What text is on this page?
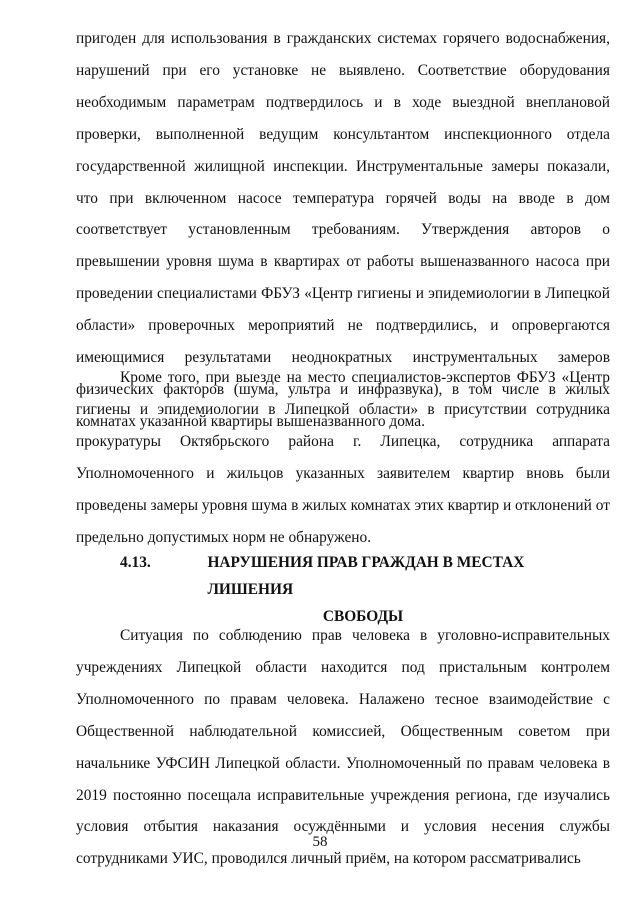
пригоден для использования в гражданских системах горячего водоснабжения, нарушений при его установке не выявлено. Соответствие оборудования необходимым параметрам подтвердилось и в ходе выездной внеплановой проверки, выполненной ведущим консультантом инспекционного отдела государственной жилищной инспекции. Инструментальные замеры показали, что при включенном насосе температура горячей воды на вводе в дом соответствует установленным требованиям. Утверждения авторов о превышении уровня шума в квартирах от работы вышеназванного насоса при проведении специалистами ФБУЗ «Центр гигиены и эпидемиологии в Липецкой области» проверочных мероприятий не подтвердились, и опровергаются имеющимися результатами неоднократных инструментальных замеров физических факторов (шума, ультра и инфразвука), в том числе в жилых комнатах указанной квартиры вышеназванного дома.

Кроме того, при выезде на место специалистов-экспертов ФБУЗ «Центр гигиены и эпидемиологии в Липецкой области» в присутствии сотрудника прокуратуры Октябрьского района г. Липецка, сотрудника аппарата Уполномоченного и жильцов указанных заявителем квартир вновь были проведены замеры уровня шума в жилых комнатах этих квартир и отклонений от предельно допустимых норм не обнаружено.

4.13.	НАРУШЕНИЯ ПРАВ ГРАЖДАН В МЕСТАХ ЛИШЕНИЯ
СВОБОДЫ

Ситуация по соблюдению прав человека в уголовно-исправительных учреждениях Липецкой области находится под пристальным контролем Уполномоченного по правам человека. Налажено тесное взаимодействие с Общественной наблюдательной комиссией, Общественным советом при начальнике УФСИН Липецкой области. Уполномоченный по правам человека в 2019 постоянно посещала исправительные учреждения региона, где изучались условия отбытия наказания осуждёнными и условия несения службы сотрудниками УИС, проводился личный приём, на котором рассматривались

58
